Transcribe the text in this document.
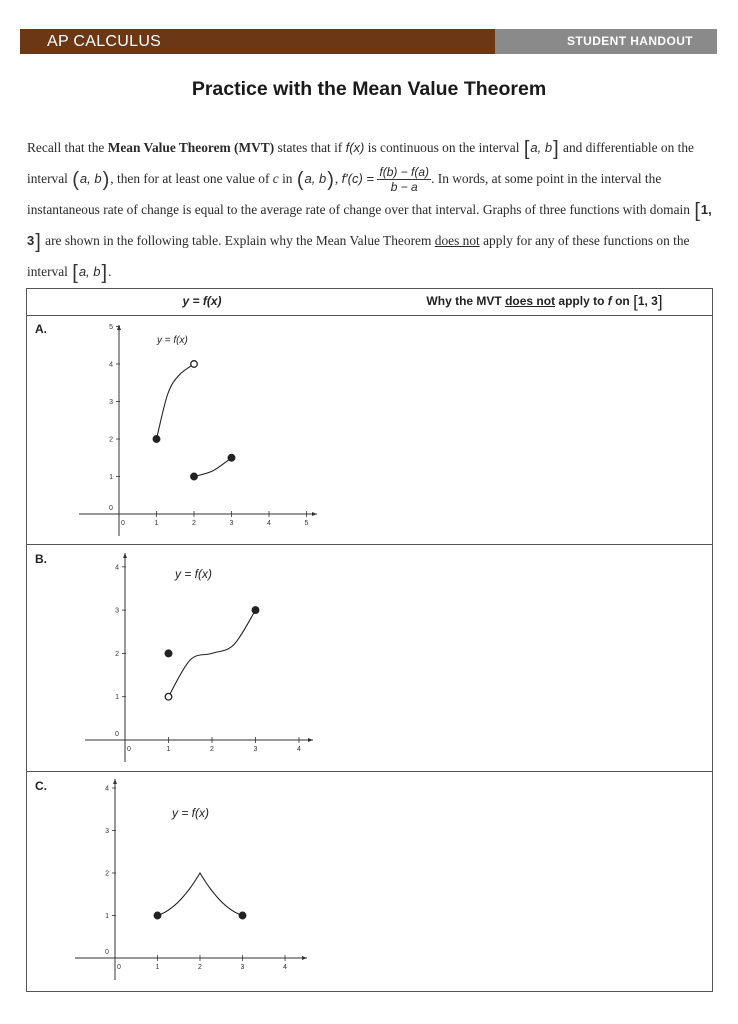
AP CALCULUS	STUDENT HANDOUT
Practice with the Mean Value Theorem

Recall that the Mean Value Theorem (MVT) states that if f(x) is continuous on the interval [a, b] and differentiable on the interval (a, b), then for at least one value of c in (a, b), $f'(c) = \frac{f(b) - f(a)}{b - a}$ . In words, at some point in the interval the instantaneous rate of change is equal to the average rate of change over that interval. Graphs of three functions with domain [1, 3] are shown in the following table. Explain why the Mean Value Theorem does not apply for any of these functions on the interval [a, b].

y = f(x)	Why the MVT does not apply to f on [1, 3]
A.
0	1	2	3	4	5
0
1
2
3
4
5
y = f(x)
B.
0	1	2	3	4
0
1
2
3
4	y = f(x)
C.
0	1	2	3	4
0
1
2
3
4
y = f(x)
